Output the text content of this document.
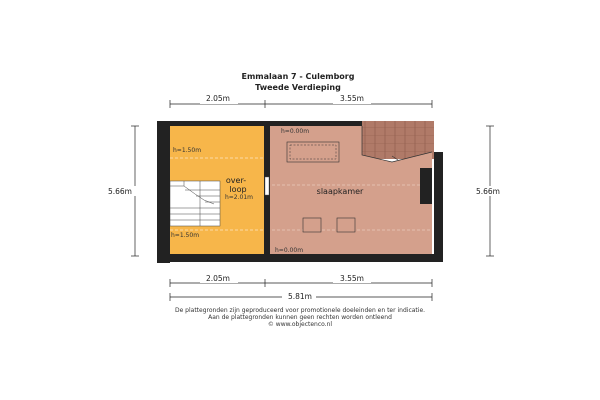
Emmalaan 7 - Culemborg
Tweede Verdieping
2.05m	3.55m
5.66m	5.66m
over-
loop
h=2.01m
slaapkamer
h=1.50m
h=1.50m
h=0.00m
h=0.00m
2.05m	3.55m
5.81m
De plattegronden zijn geproduceerd voor promotionele doeleinden en ter indicatie.
Aan de plattegronden kunnen geen rechten worden ontleend
© www.objectenco.nl
